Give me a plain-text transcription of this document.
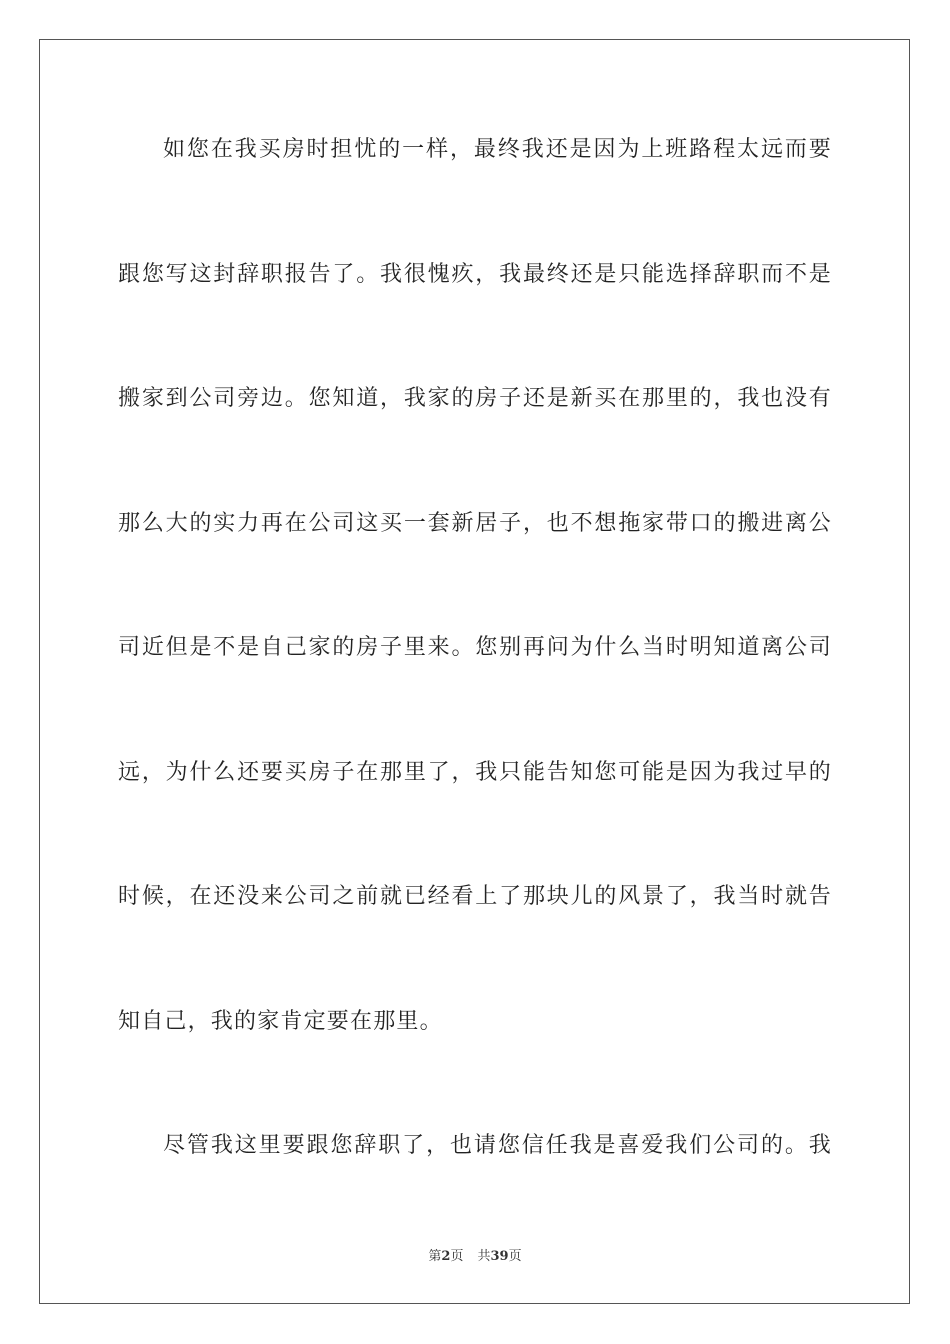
如您在我买房时担忧的一样，最终我还是因为上班路程太远而要
跟您写这封辞职报告了。我很愧疚，我最终还是只能选择辞职而不是
搬家到公司旁边。您知道，我家的房子还是新买在那里的，我也没有
那么大的实力再在公司这买一套新居子，也不想拖家带口的搬进离公
司近但是不是自己家的房子里来。您别再问为什么当时明知道离公司
远，为什么还要买房子在那里了，我只能告知您可能是因为我过早的
时候，在还没来公司之前就已经看上了那块儿的风景了，我当时就告
知自己，我的家肯定要在那里。
尽管我这里要跟您辞职了，也请您信任我是喜爱我们公司的。我
第2页 共39页
